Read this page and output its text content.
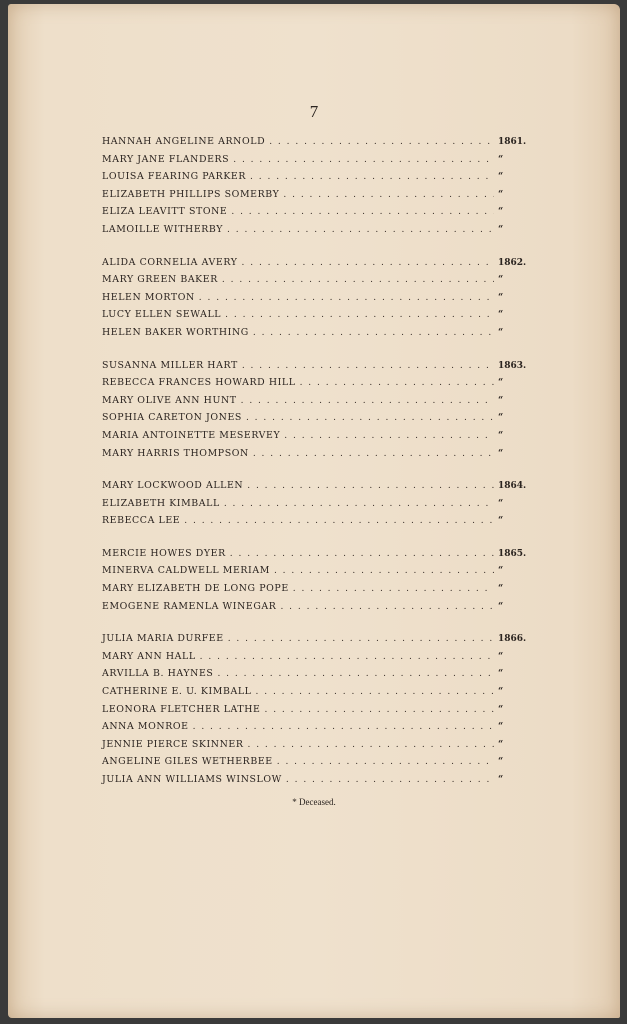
7
HANNAH ANGELINE ARNOLD . . .	1861.
MARY JANE FLANDERS . . .	“
LOUISA FEARING PARKER . . .	“
ELIZABETH PHILLIPS SOMERBY . . .	“
ELIZA LEAVITT STONE . . .	“
LAMOILLE WITHERBY . . .	“
ALIDA CORNELIA AVERY . . .	1862.
MARY GREEN BAKER . . .	“
HELEN MORTON . . .	“
LUCY ELLEN SEWALL . . .	“
HELEN BAKER WORTHING . . .	“
SUSANNA MILLER HART . . .	1863.
REBECCA FRANCES HOWARD HILL . . .	“
MARY OLIVE ANN HUNT . . .	“
SOPHIA CARETON JONES . . .	“
MARIA ANTOINETTE MESERVEY . . .	“
MARY HARRIS THOMPSON . . .	“
MARY LOCKWOOD ALLEN . . .	1864.
ELIZABETH KIMBALL . . .	“
REBECCA LEE . . .	“
MERCIE HOWES DYER . . .	1865.
MINERVA CALDWELL MERIAM . . .	“
MARY ELIZABETH DE LONG POPE . . .	“
EMOGENE RAMENLA WINEGAR . . .	“
JULIA MARIA DURFEE . . .	1866.
MARY ANN HALL . . .	“
ARVILLA B. HAYNES . . .	“
CATHERINE E. U. KIMBALL . . .	“
LEONORA FLETCHER LATHE . . .	“
ANNA MONROE . . .	“
JENNIE PIERCE SKINNER . . .	“
ANGELINE GILES WETHERBEE . . .	“
JULIA ANN WILLIAMS WINSLOW . . .	“
* Deceased.
